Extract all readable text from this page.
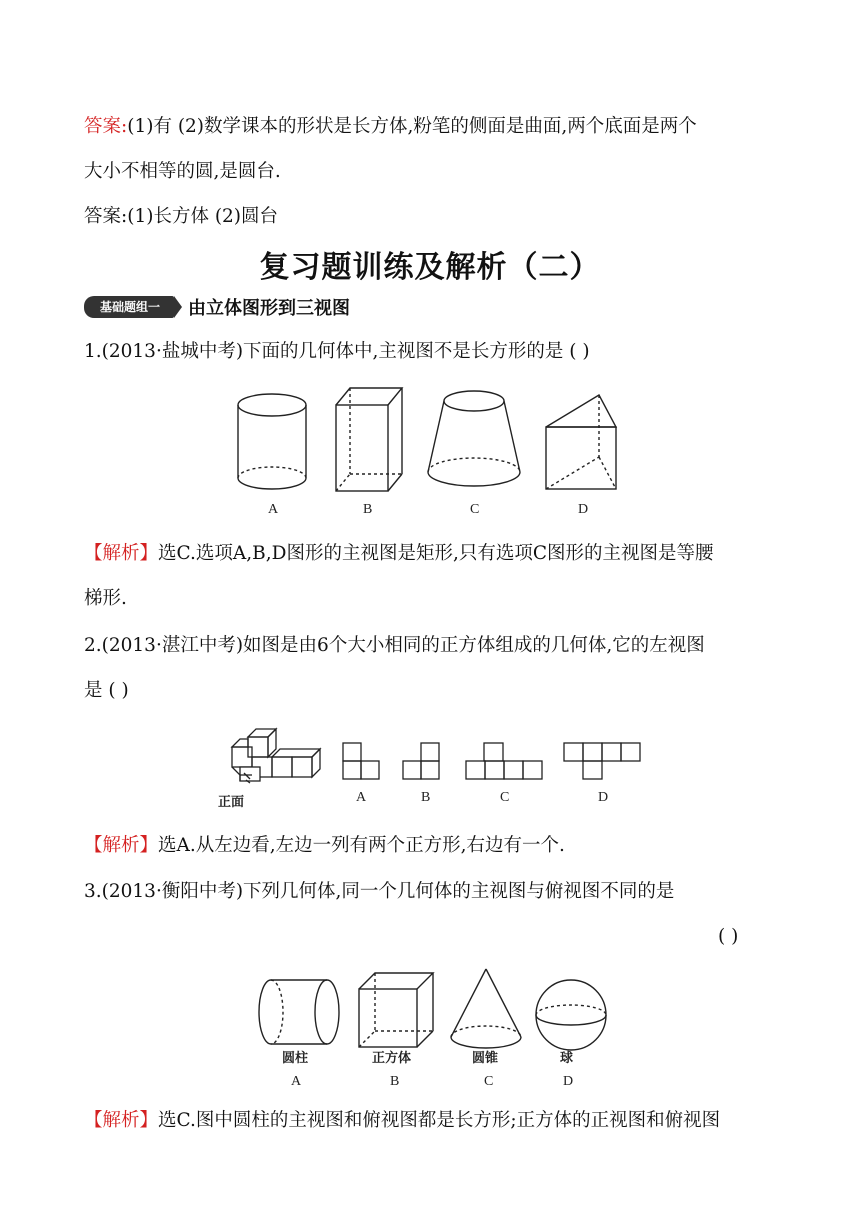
答案:(1)有 (2)数学课本的形状是长方体,粉笔的侧面是曲面,两个底面是两个
大小不相等的圆,是圆台.
答案:(1)长方体 (2)圆台
复习题训练及解析（二）
基础题组一	由立体图形到三视图
1.(2013·盐城中考)下面的几何体中,主视图不是长方形的是 ( )
A	B	C	D
【解析】选C.选项A,B,D图形的主视图是矩形,只有选项C图形的主视图是等腰
梯形.
2.(2013·湛江中考)如图是由6个大小相同的正方体组成的几何体,它的左视图
是 ( )
正面	A	B	C	D
【解析】选A.从左边看,左边一列有两个正方形,右边有一个.
3.(2013·衡阳中考)下列几何体,同一个几何体的主视图与俯视图不同的是
( )
圆柱	正方体	圆锥	球
A	B	C	D
【解析】选C.图中圆柱的主视图和俯视图都是长方形;正方体的正视图和俯视图
